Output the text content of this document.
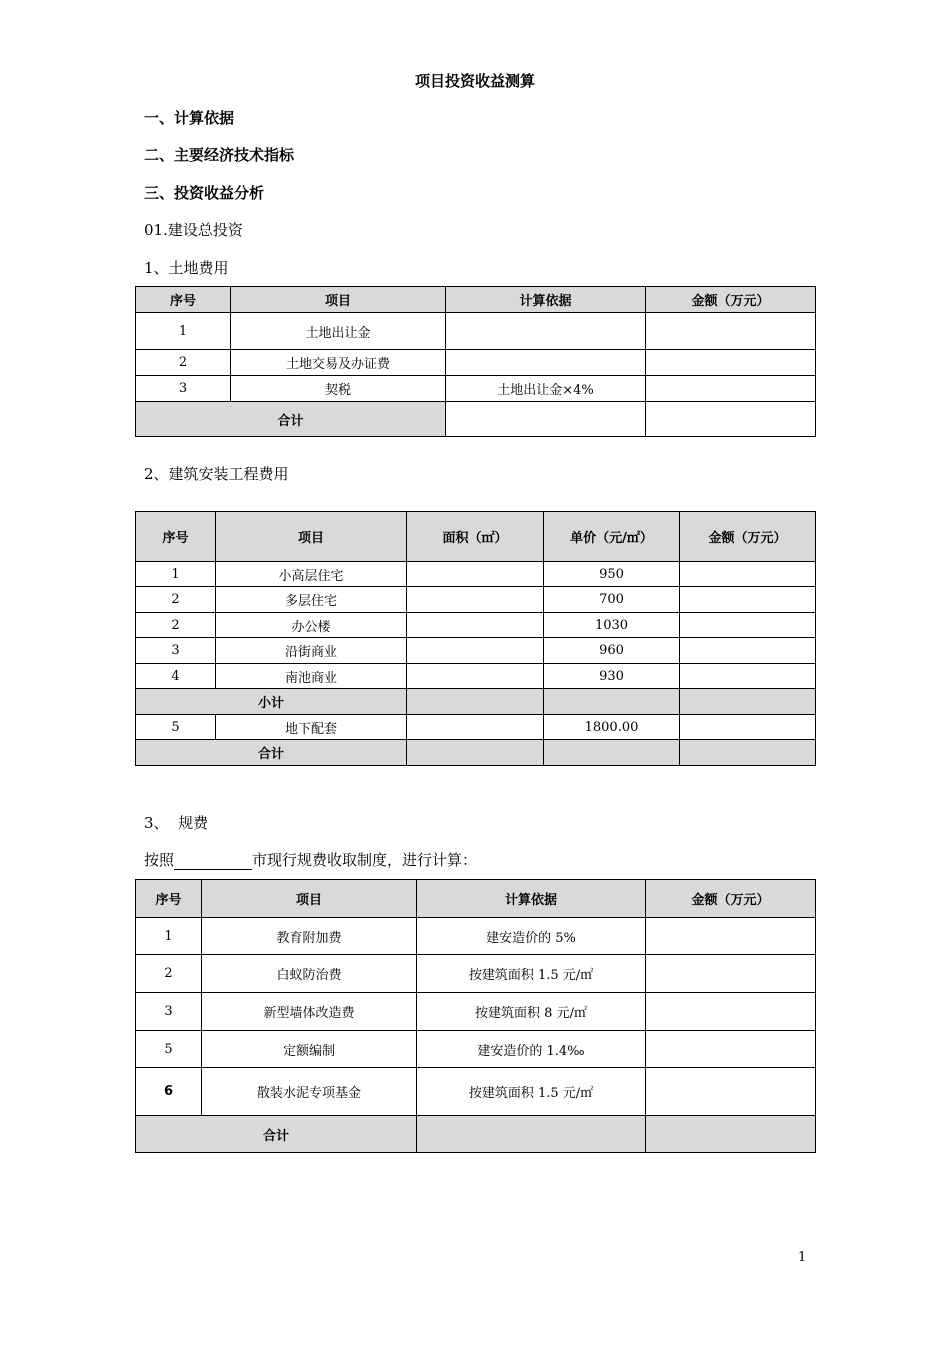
项目投资收益测算
一、计算依据
二、主要经济技术指标
三、投资收益分析
01.建设总投资
1、土地费用
序号	项目	计算依据	金额（万元）
1	土地出让金		
2	土地交易及办证费		
3	契税	土地出让金×4%	
合计			
2、建筑安装工程费用
序号	项目	面积（㎡）	单价（元/㎡）	金额（万元）
1	小高层住宅		950	
2	多层住宅		700	
2	办公楼		1030	
3	沿街商业		960	
4	南池商业		930	
小计				
5	地下配套		1800.00	
合计				
3、  规费
按照	市现行规费收取制度，进行计算：
序号	项目	计算依据	金额（万元）
1	教育附加费	建安造价的 5%	
2	白蚁防治费	按建筑面积 1.5 元/㎡	
3	新型墙体改造费	按建筑面积 8 元/㎡	
5	定额编制	建安造价的 1.4‰	
6	散装水泥专项基金	按建筑面积 1.5 元/㎡	
合计			
1
